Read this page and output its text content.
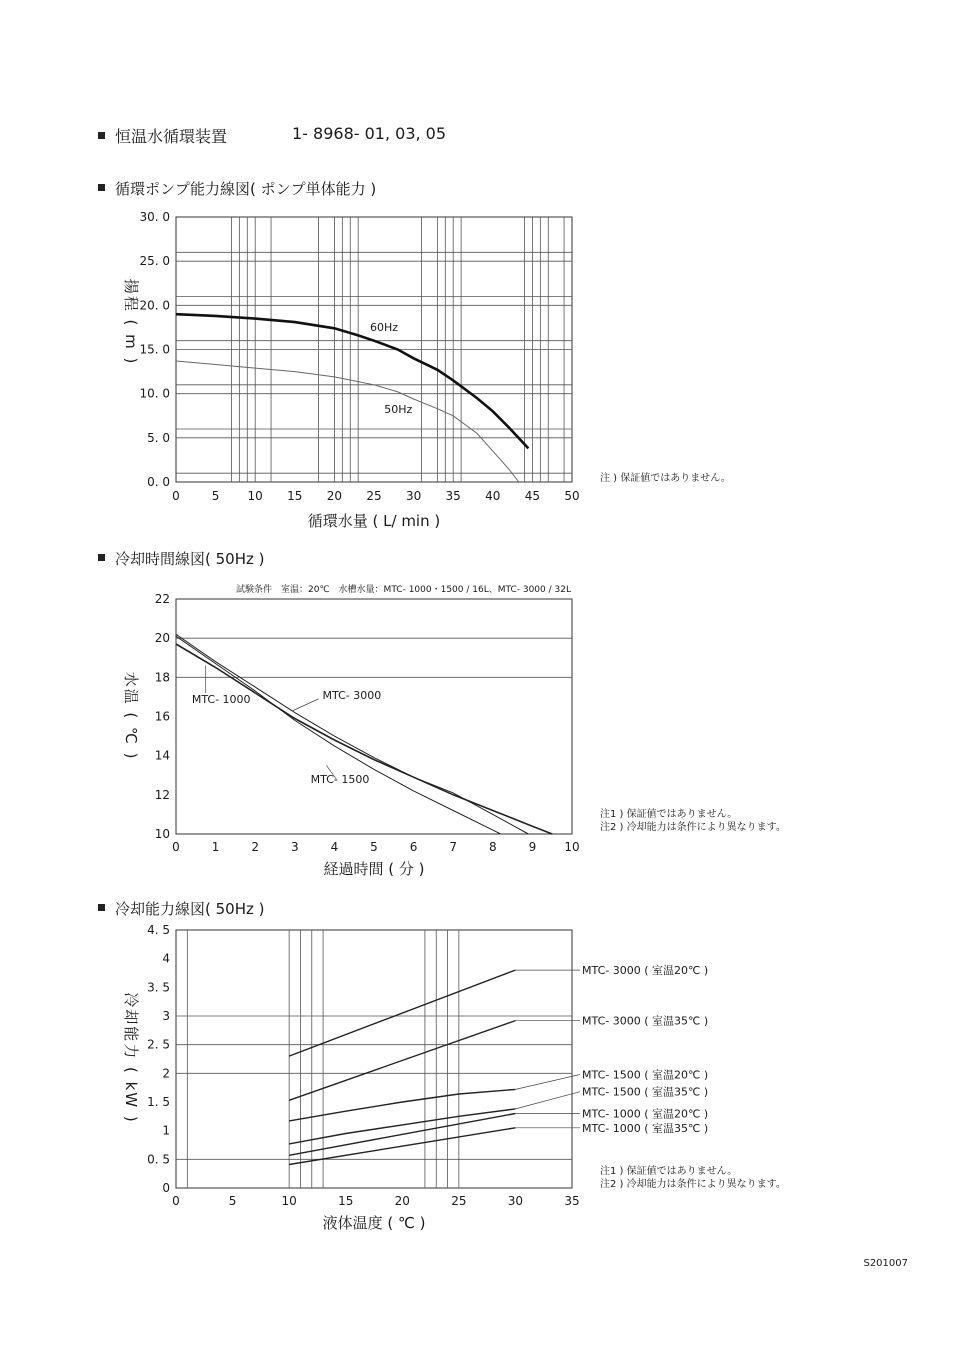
恒温水循環装置	1- 8968- 01, 03, 05
循環ポンプ能力線図( ポンプ単体能力 )
0	5 10 15 20 25 30 35 40 45 50
0. 0
5. 0
10. 0
15. 0
20. 0
25. 0
30. 0
60Hz
50Hz
循環水量 ( L/ min )
揚程 ( m )
注 ) 保証値ではありません。
冷却時間線図( 50Hz )
試験条件　室温：20℃　水槽水量：MTC- 1000・1500 / 16L、MTC- 3000 / 32L
0	1	2	3	4	5	6	7	8	9 10
10
12
14
16
18
20
22
MTC- 1000	MTC- 3000
MTC- 1500
経過時間 ( 分 )
水温 ( ℃ )
注1 ) 保証値ではありません。
注2 ) 冷却能力は条件により異なります。
冷却能力線図( 50Hz )
0	5	10	15	20	25	30	35
0
0. 5
1
1. 5
2
2. 5
3
3. 5
4
4. 5
MTC- 3000 ( 室温20℃ )
MTC- 3000 ( 室温35℃ )
MTC- 1500 ( 室温20℃ )
MTC- 1500 ( 室温35℃ )
MTC- 1000 ( 室温20℃ )
MTC- 1000 ( 室温35℃ )
液体温度 ( ℃ )
冷却能力 ( kW )
注1 ) 保証値ではありません。
注2 ) 冷却能力は条件により異なります。
S201007
